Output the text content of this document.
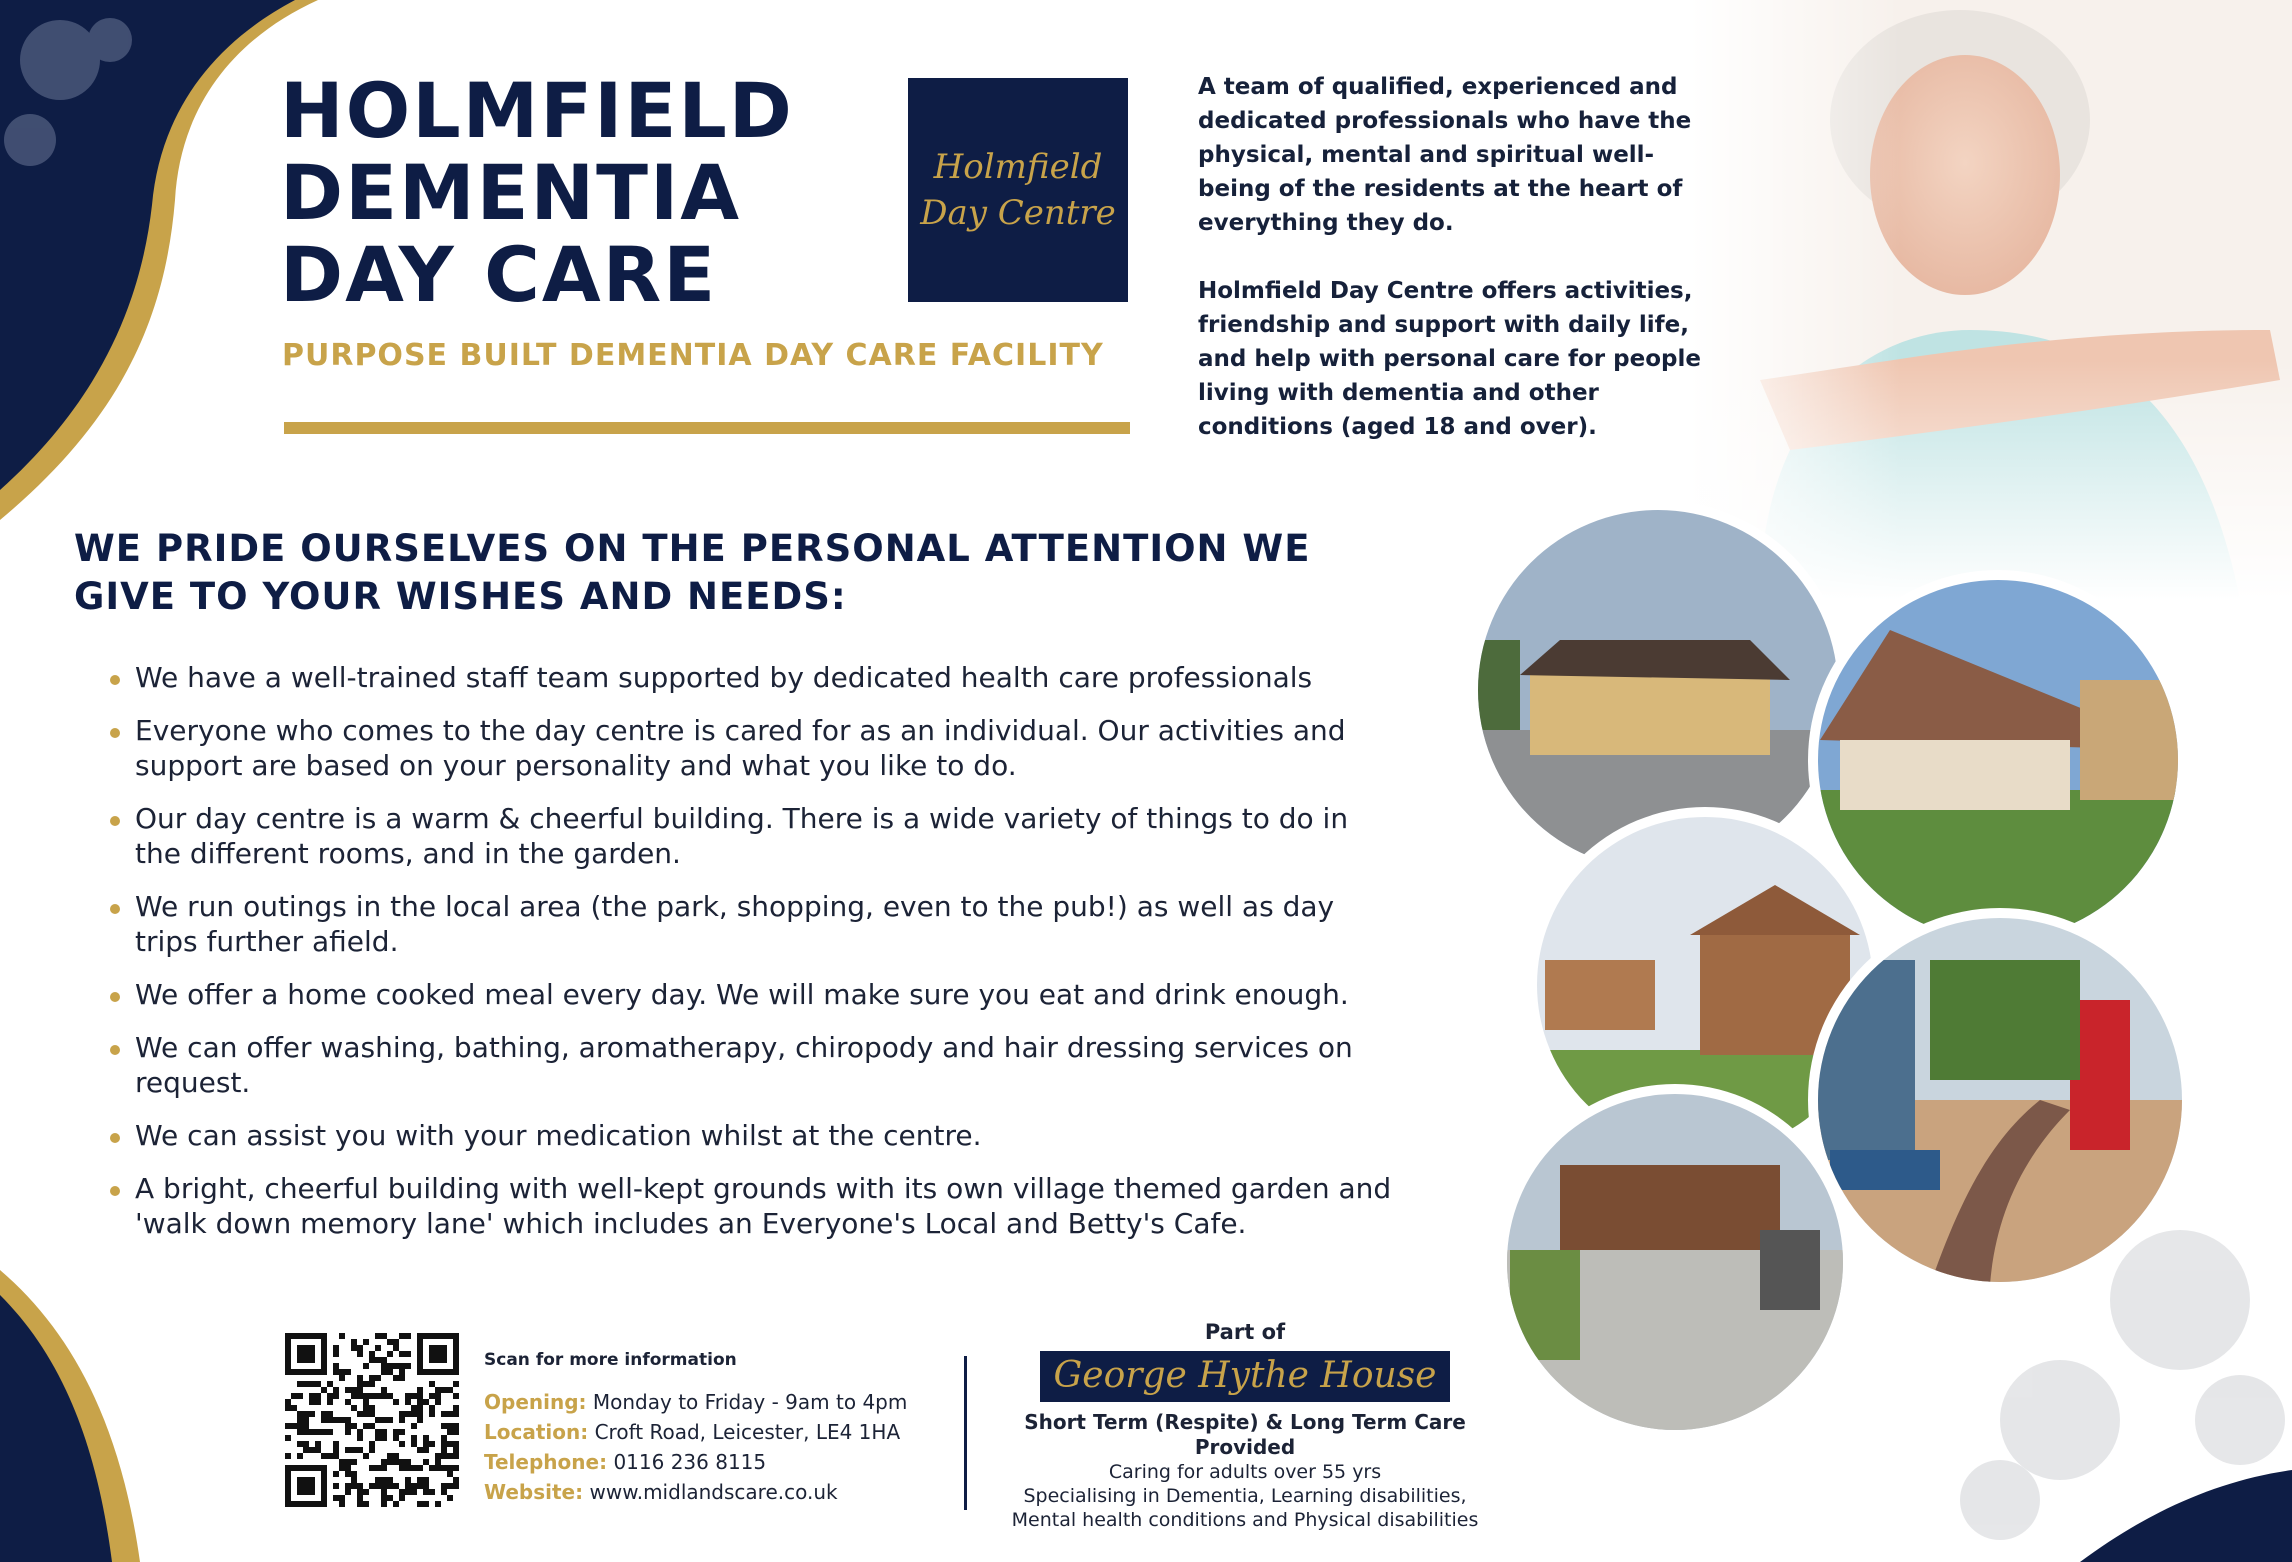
HOLMFIELD
DEMENTIA
DAY CARE
PURPOSE BUILT DEMENTIA DAY CARE FACILITY
Holmfield
Day Centre

A team of qualified, experienced and dedicated professionals who have the physical, mental and spiritual well-being of the residents at the heart of everything they do.

Holmfield Day Centre offers activities, friendship and support with daily life, and help with personal care for people living with dementia and other conditions (aged 18 and over).

WE PRIDE OURSELVES ON THE PERSONAL ATTENTION WE GIVE TO YOUR WISHES AND NEEDS:
We have a well-trained staff team supported by dedicated health care professionals
Everyone who comes to the day centre is cared for as an individual. Our activities and support are based on your personality and what you like to do.
Our day centre is a warm & cheerful building. There is a wide variety of things to do in the different rooms, and in the garden.
We run outings in the local area (the park, shopping, even to the pub!) as well as day trips further afield.
We offer a home cooked meal every day. We will make sure you eat and drink enough.
We can offer washing, bathing, aromatherapy, chiropody and hair dressing services on request.
We can assist you with your medication whilst at the centre.
A bright, cheerful building with well-kept grounds with its own village themed garden and 'walk down memory lane' which includes an Everyone's Local and Betty's Cafe.
Scan for more information
Opening: Monday to Friday - 9am to 4pm
Location: Croft Road, Leicester, LE4 1HA
Telephone: 0116 236 8115
Website: www.midlandscare.co.uk
Part of
George Hythe House
Short Term (Respite) & Long Term Care Provided
Caring for adults over 55 yrs
Specialising in Dementia, Learning disabilities,
Mental health conditions and Physical disabilities
